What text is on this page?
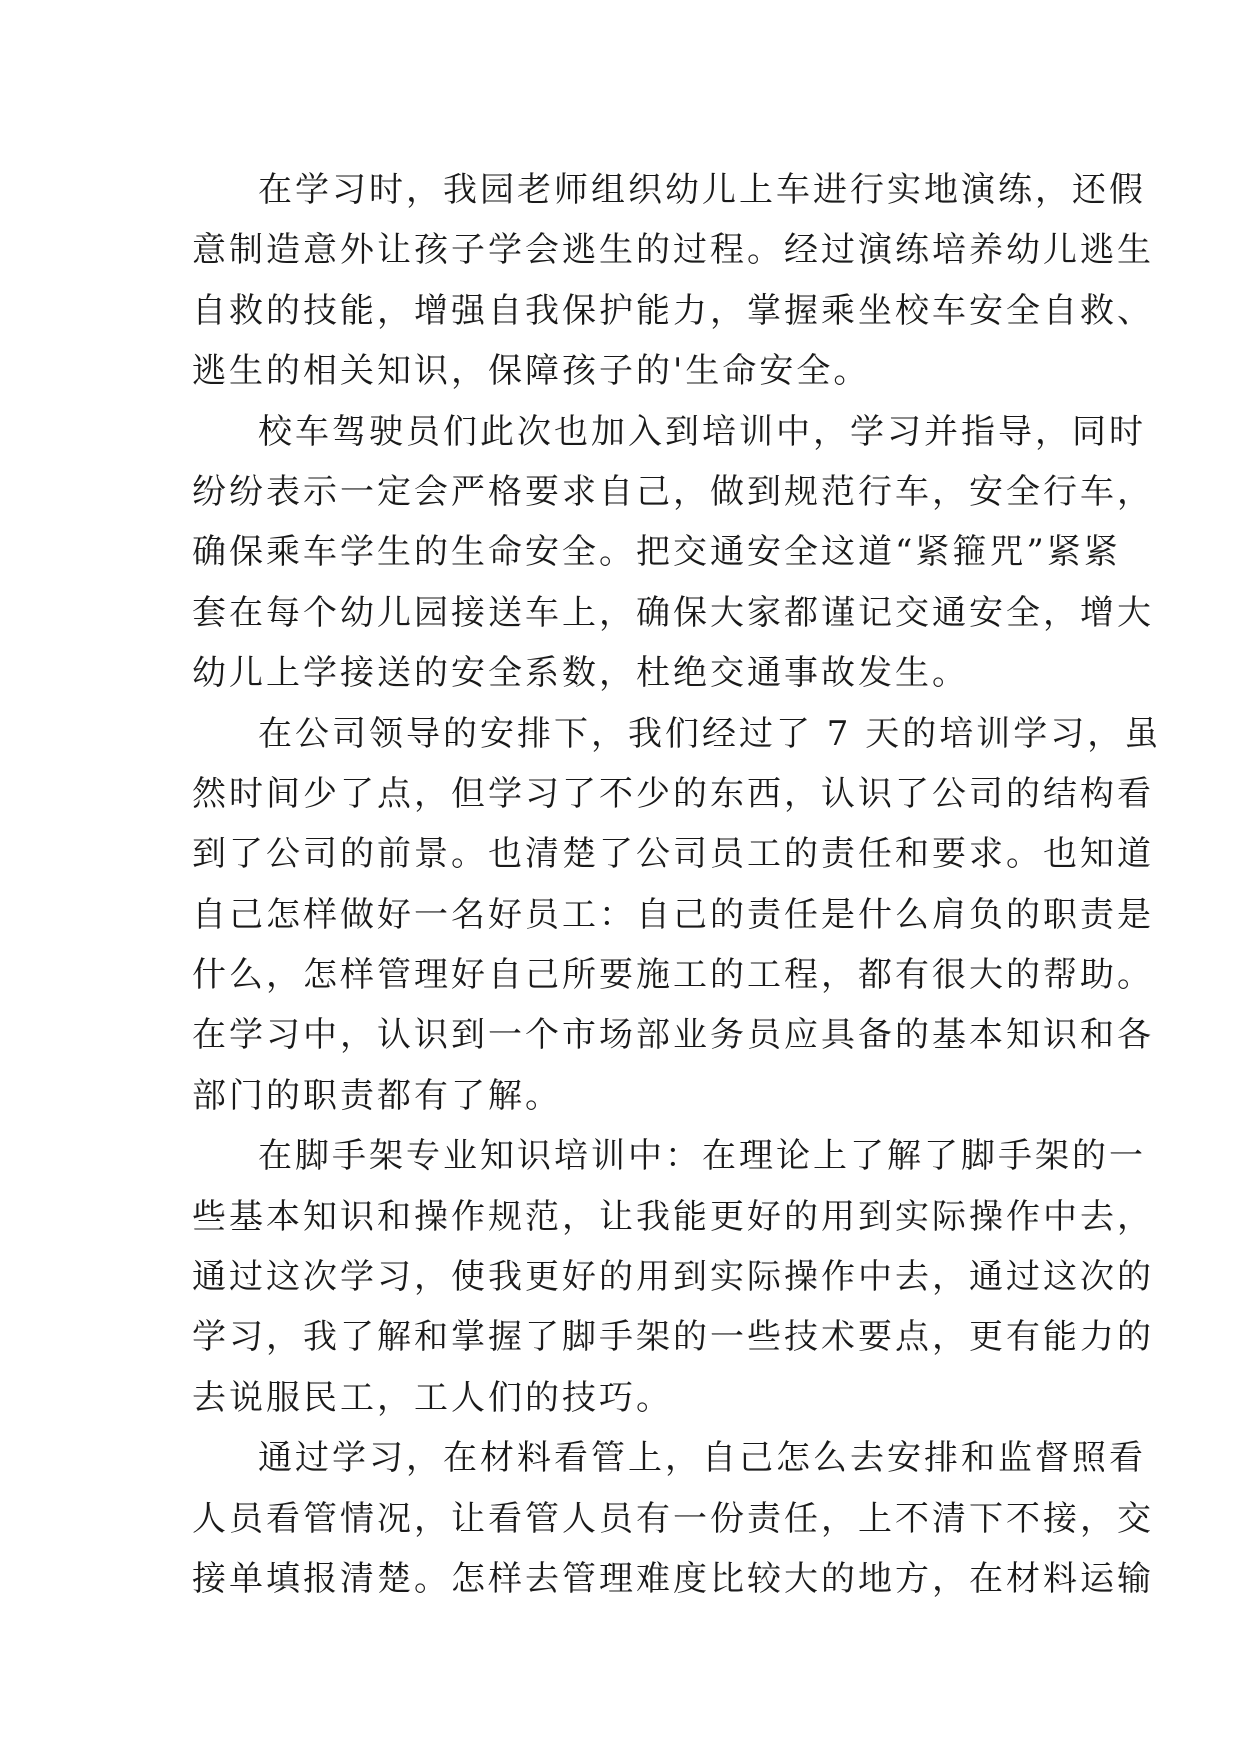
在学习时，我园老师组织幼儿上车进行实地演练，还假
意制造意外让孩子学会逃生的过程。经过演练培养幼儿逃生
自救的技能，增强自我保护能力，掌握乘坐校车安全自救、
逃生的相关知识，保障孩子的'生命安全。
校车驾驶员们此次也加入到培训中，学习并指导，同时
纷纷表示一定会严格要求自己，做到规范行车，安全行车，
确保乘车学生的生命安全。把交通安全这道“紧箍咒”紧紧
套在每个幼儿园接送车上，确保大家都谨记交通安全，增大
幼儿上学接送的安全系数，杜绝交通事故发生。
在公司领导的安排下，我们经过了 7 天的培训学习，虽
然时间少了点，但学习了不少的东西，认识了公司的结构看
到了公司的前景。也清楚了公司员工的责任和要求。也知道
自己怎样做好一名好员工：自己的责任是什么肩负的职责是
什么，怎样管理好自己所要施工的工程，都有很大的帮助。
在学习中，认识到一个市场部业务员应具备的基本知识和各
部门的职责都有了解。
在脚手架专业知识培训中：在理论上了解了脚手架的一
些基本知识和操作规范，让我能更好的用到实际操作中去，
通过这次学习，使我更好的用到实际操作中去，通过这次的
学习，我了解和掌握了脚手架的一些技术要点，更有能力的
去说服民工，工人们的技巧。
通过学习，在材料看管上，自己怎么去安排和监督照看
人员看管情况，让看管人员有一份责任，上不清下不接，交
接单填报清楚。怎样去管理难度比较大的地方，在材料运输
